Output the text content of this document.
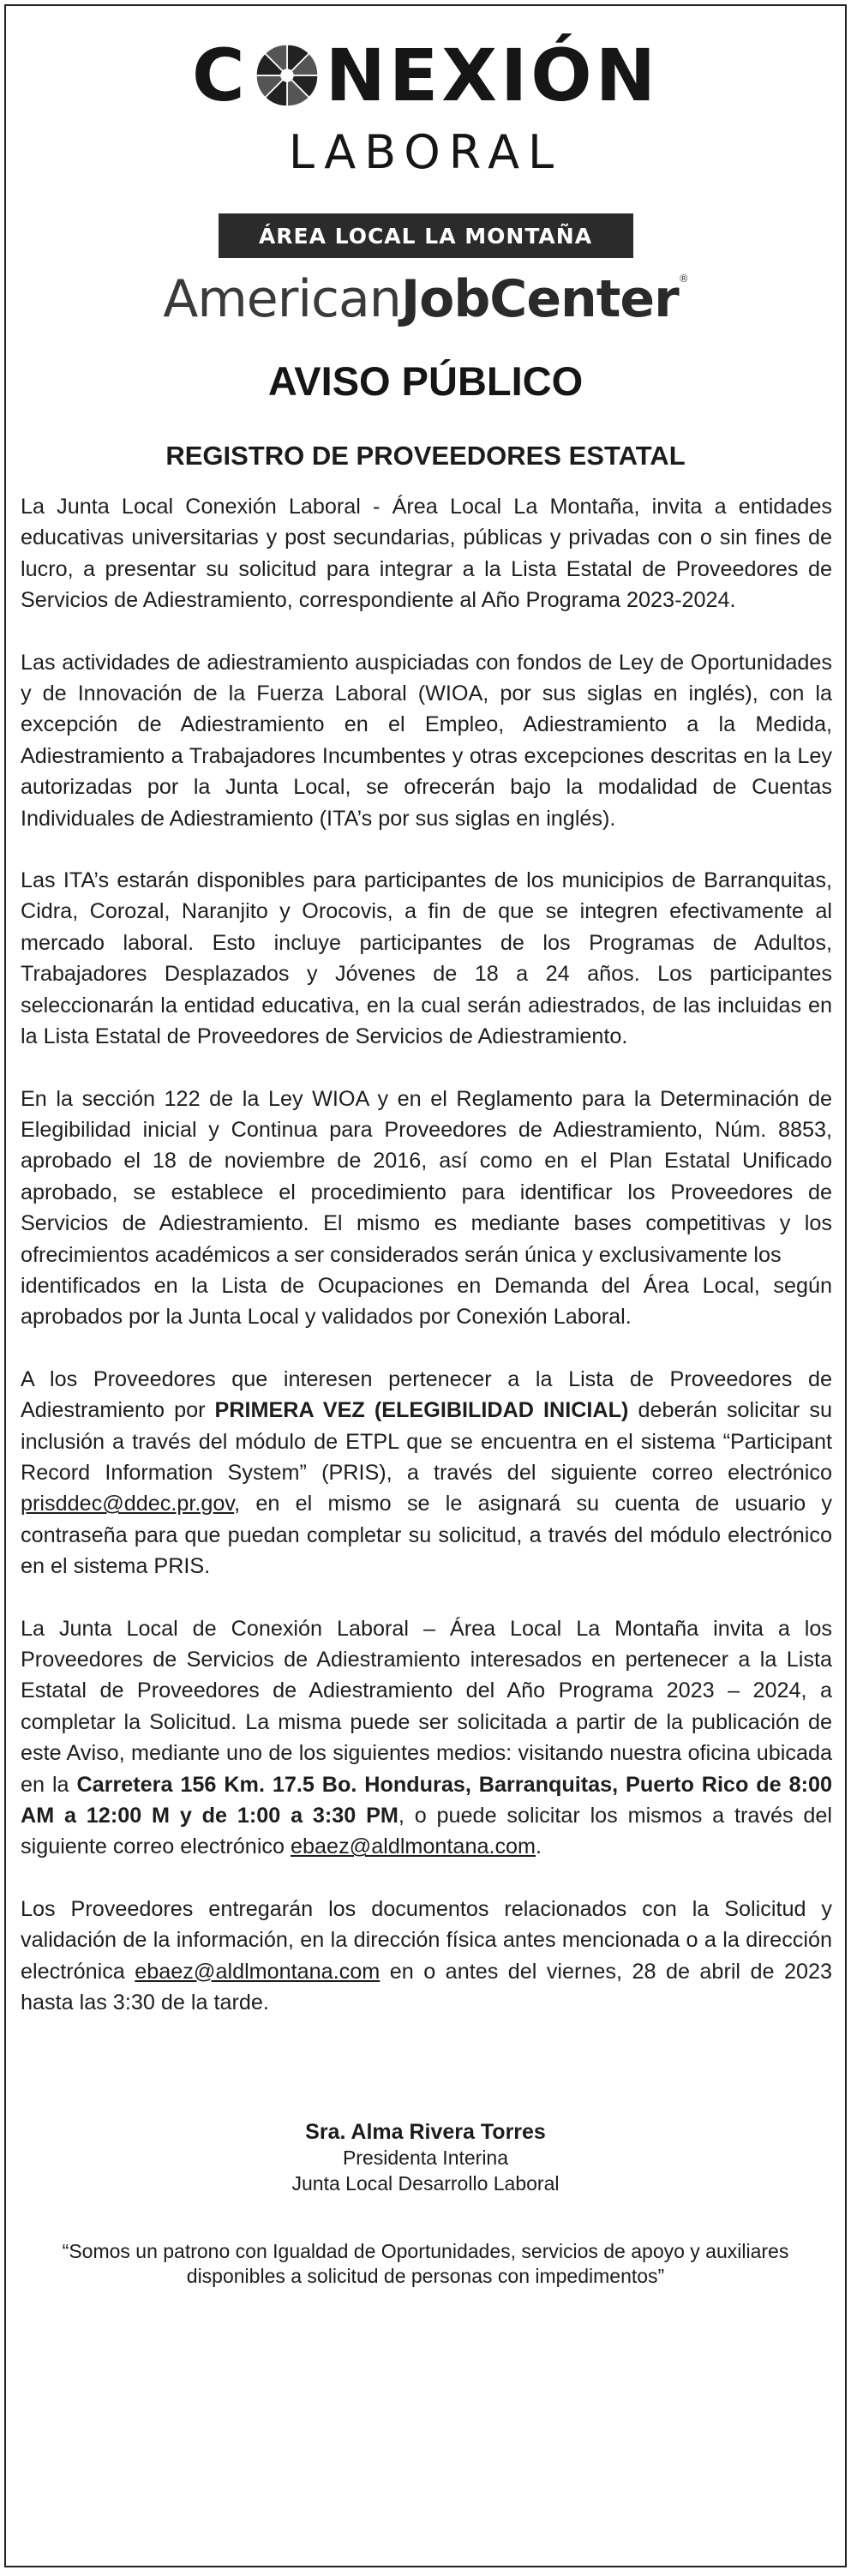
C NEXIÓN
LABORAL
ÁREA LOCAL LA MONTAÑA
AmericanJobCenter®
AVISO PÚBLICO
REGISTRO DE PROVEEDORES ESTATAL

La Junta Local Conexión Laboral - Área Local La Montaña, invita a entidades educativas universitarias y post secundarias, públicas y privadas con o sin fines de lucro, a presentar su solicitud para integrar a la Lista Estatal de Proveedores de Servicios de Adiestramiento, correspondiente al Año Programa 2023-2024.

Las actividades de adiestramiento auspiciadas con fondos de Ley de Oportunidades y de Innovación de la Fuerza Laboral (WIOA, por sus siglas en inglés), con la excepción de Adiestramiento en el Empleo, Adiestramiento a la Medida, Adiestramiento a Trabajadores Incumbentes y otras excepciones descritas en la Ley autorizadas por la Junta Local, se ofrecerán bajo la modalidad de Cuentas Individuales de Adiestramiento (ITA’s por sus siglas en inglés).

Las ITA’s estarán disponibles para participantes de los municipios de Barranquitas, Cidra, Corozal, Naranjito y Orocovis, a fin de que se integren efectivamente al mercado laboral. Esto incluye participantes de los Programas de Adultos, Trabajadores Desplazados y Jóvenes de 18 a 24 años. Los participantes seleccionarán la entidad educativa, en la cual serán adiestrados, de las incluidas en la Lista Estatal de Proveedores de Servicios de Adiestramiento.

En la sección 122 de la Ley WIOA y en el Reglamento para la Determinación de Elegibilidad inicial y Continua para Proveedores de Adiestramiento, Núm. 8853, aprobado el 18 de noviembre de 2016, así como en el Plan Estatal Unificado aprobado, se establece el procedimiento para identificar los Proveedores de Servicios de Adiestramiento. El mismo es mediante bases competitivas y los ofrecimientos académicos a ser considerados serán única y exclusivamente los
identificados en la Lista de Ocupaciones en Demanda del Área Local, según aprobados por la Junta Local y validados por Conexión Laboral.

A los Proveedores que interesen pertenecer a la Lista de Proveedores de Adiestramiento por PRIMERA VEZ (ELEGIBILIDAD INICIAL) deberán solicitar su inclusión a través del módulo de ETPL que se encuentra en el sistema “Participant Record Information System” (PRIS), a través del siguiente correo electrónico prisddec@ddec.pr.gov, en el mismo se le asignará su cuenta de usuario y contraseña para que puedan completar su solicitud, a través del módulo electrónico en el sistema PRIS.

La Junta Local de Conexión Laboral – Área Local La Montaña invita a los Proveedores de Servicios de Adiestramiento interesados en pertenecer a la Lista Estatal de Proveedores de Adiestramiento del Año Programa 2023 – 2024, a completar la Solicitud. La misma puede ser solicitada a partir de la publicación de este Aviso, mediante uno de los siguientes medios: visitando nuestra oficina ubicada en la Carretera 156 Km. 17.5 Bo. Honduras, Barranquitas, Puerto Rico de 8:00 AM a 12:00 M y de 1:00 a 3:30 PM, o puede solicitar los mismos a través del siguiente correo electrónico ebaez@aldlmontana.com.

Los Proveedores entregarán los documentos relacionados con la Solicitud y validación de la información, en la dirección física antes mencionada o a la dirección electrónica ebaez@aldlmontana.com en o antes del viernes, 28 de abril de 2023 hasta las 3:30 de la tarde.

Sra. Alma Rivera Torres
Presidenta Interina
Junta Local Desarrollo Laboral
“Somos un patrono con Igualdad de Oportunidades, servicios de apoyo y auxiliares disponibles a solicitud de personas con impedimentos”
